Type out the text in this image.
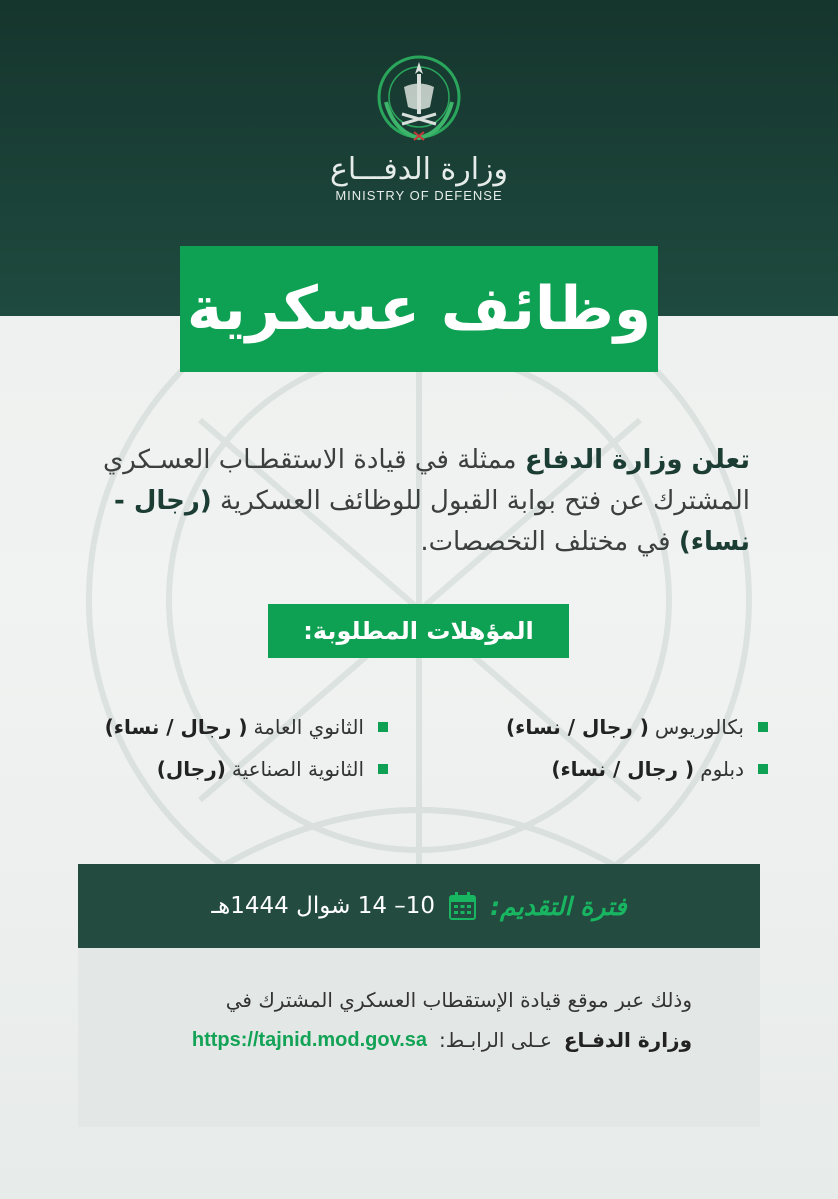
وزارة الدفـــاع
MINISTRY OF DEFENSE
وظائف عسكرية

تعلن وزارة الدفاع ممثلة في قيادة الاستقطـاب العسـكري المشترك عن فتح بوابة القبول للوظائف العسكرية (رجال - نساء) في مختلف التخصصات.

المؤهلات المطلوبة:
بكالوريوس
( رجال / نساء)
دبلوم
( رجال / نساء)
الثانوي العامة
( رجال / نساء)
الثانوية الصناعية
(رجال)
فترة التقديم:
10– 14 شوال 1444هـ
وذلك عبر موقع قيادة الإستقطاب العسكري المشترك في
وزارة الدفـاع
عـلى الرابـط:
https://tajnid.mod.gov.sa
